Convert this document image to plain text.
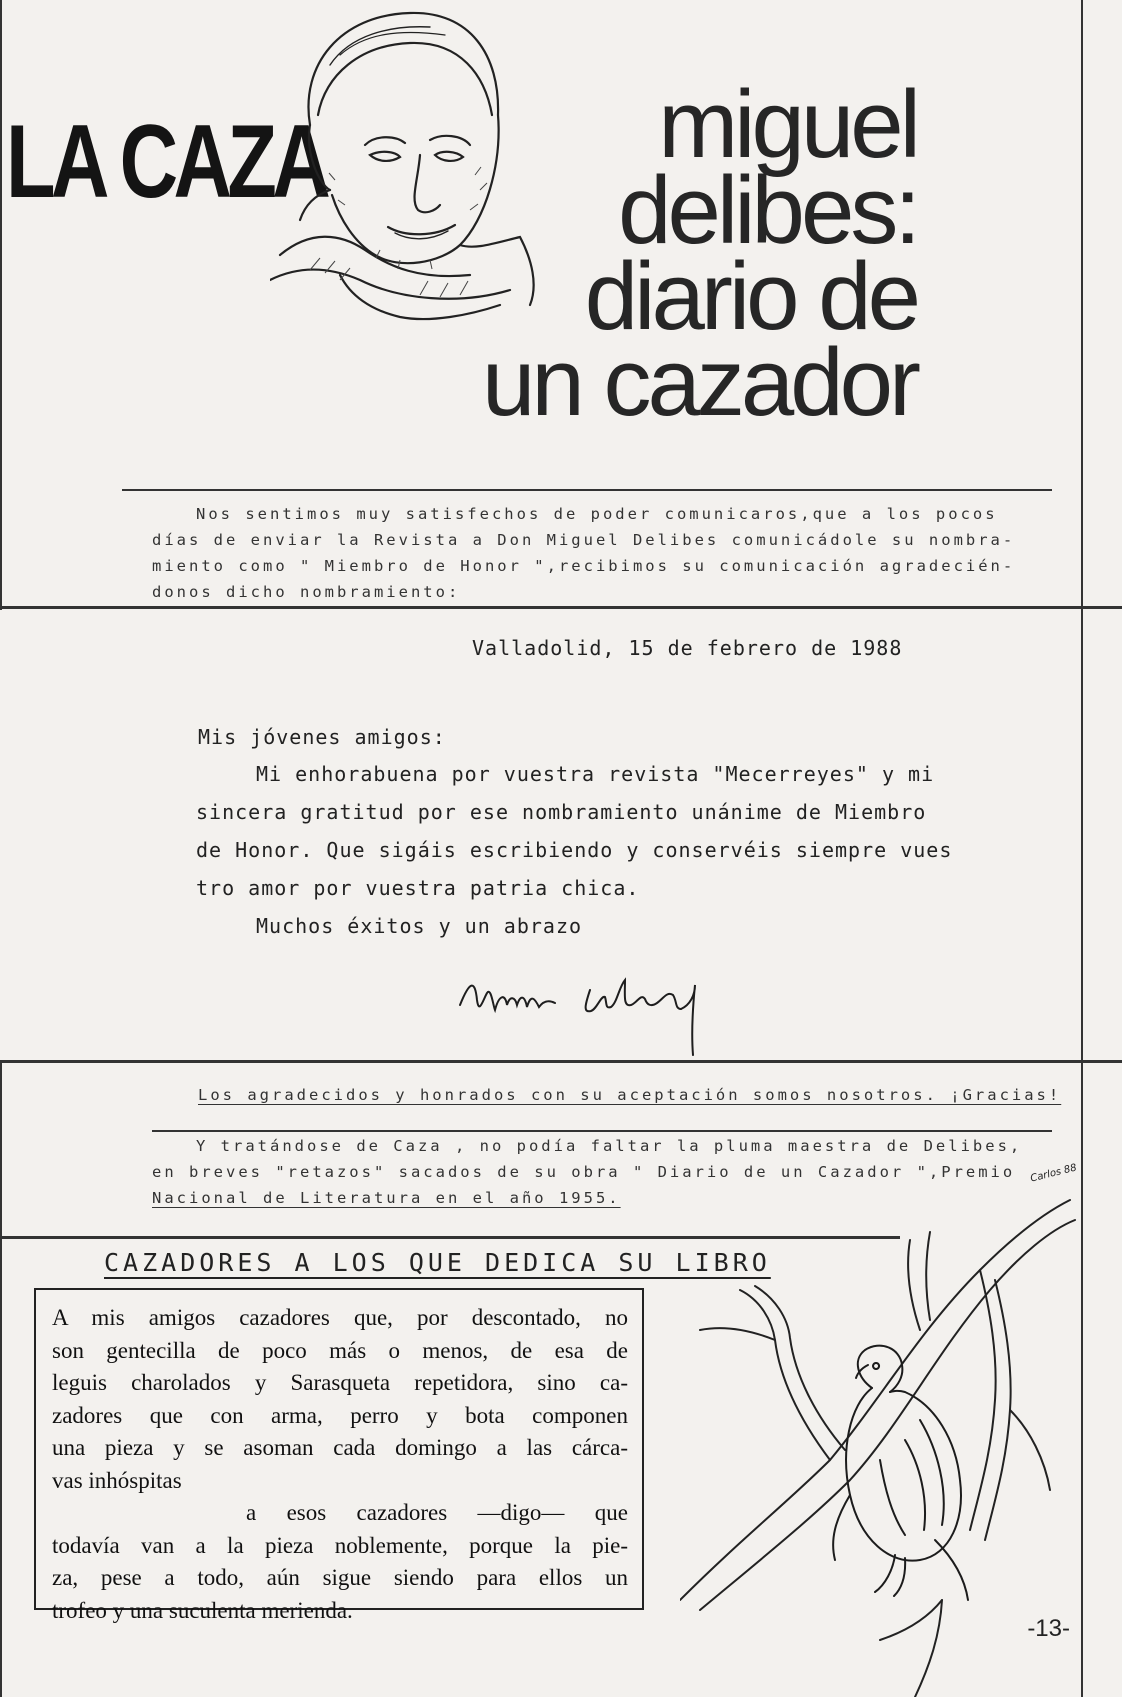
LA CAZA	miguel
delibes:
diario de
un cazador
Nos sentimos muy satisfechos de poder comunicaros,que a los pocos
días de enviar la Revista a Don Miguel Delibes comunicádole su nombra-
miento como " Miembro de Honor ",recibimos su comunicación agradecién-
donos dicho nombramiento:
Valladolid, 15 de febrero de 1988
Mis jóvenes amigos:
Mi enhorabuena por vuestra revista "Mecerreyes" y mi
sincera gratitud por ese nombramiento unánime de Miembro
de Honor. Que sigáis escribiendo y conservéis siempre vues
tro amor por vuestra patria chica.
Muchos éxitos y un abrazo
Los agradecidos y honrados con su aceptación somos nosotros. ¡Gracias!
Y tratándose de Caza , no podía faltar la pluma maestra de Delibes,
en breves "retazos" sacados de su obra " Diario de un Cazador ",Premio
Nacional de Literatura en el año 1955.
CAZADORES A LOS QUE DEDICA SU LIBRO
A mis amigos cazadores que, por descontado, no
son gentecilla de poco más o menos, de esa de
leguis charolados y Sarasqueta repetidora, sino ca-
zadores que con arma, perro y bota componen
una pieza y se asoman cada domingo a las cárca-
vas inhóspitas
a esos cazadores —digo— que
todavía van a la pieza noblemente, porque la pie-
za, pese a todo, aún sigue siendo para ellos un
trofeo y una suculenta merienda.
Carlos 88
-13-
